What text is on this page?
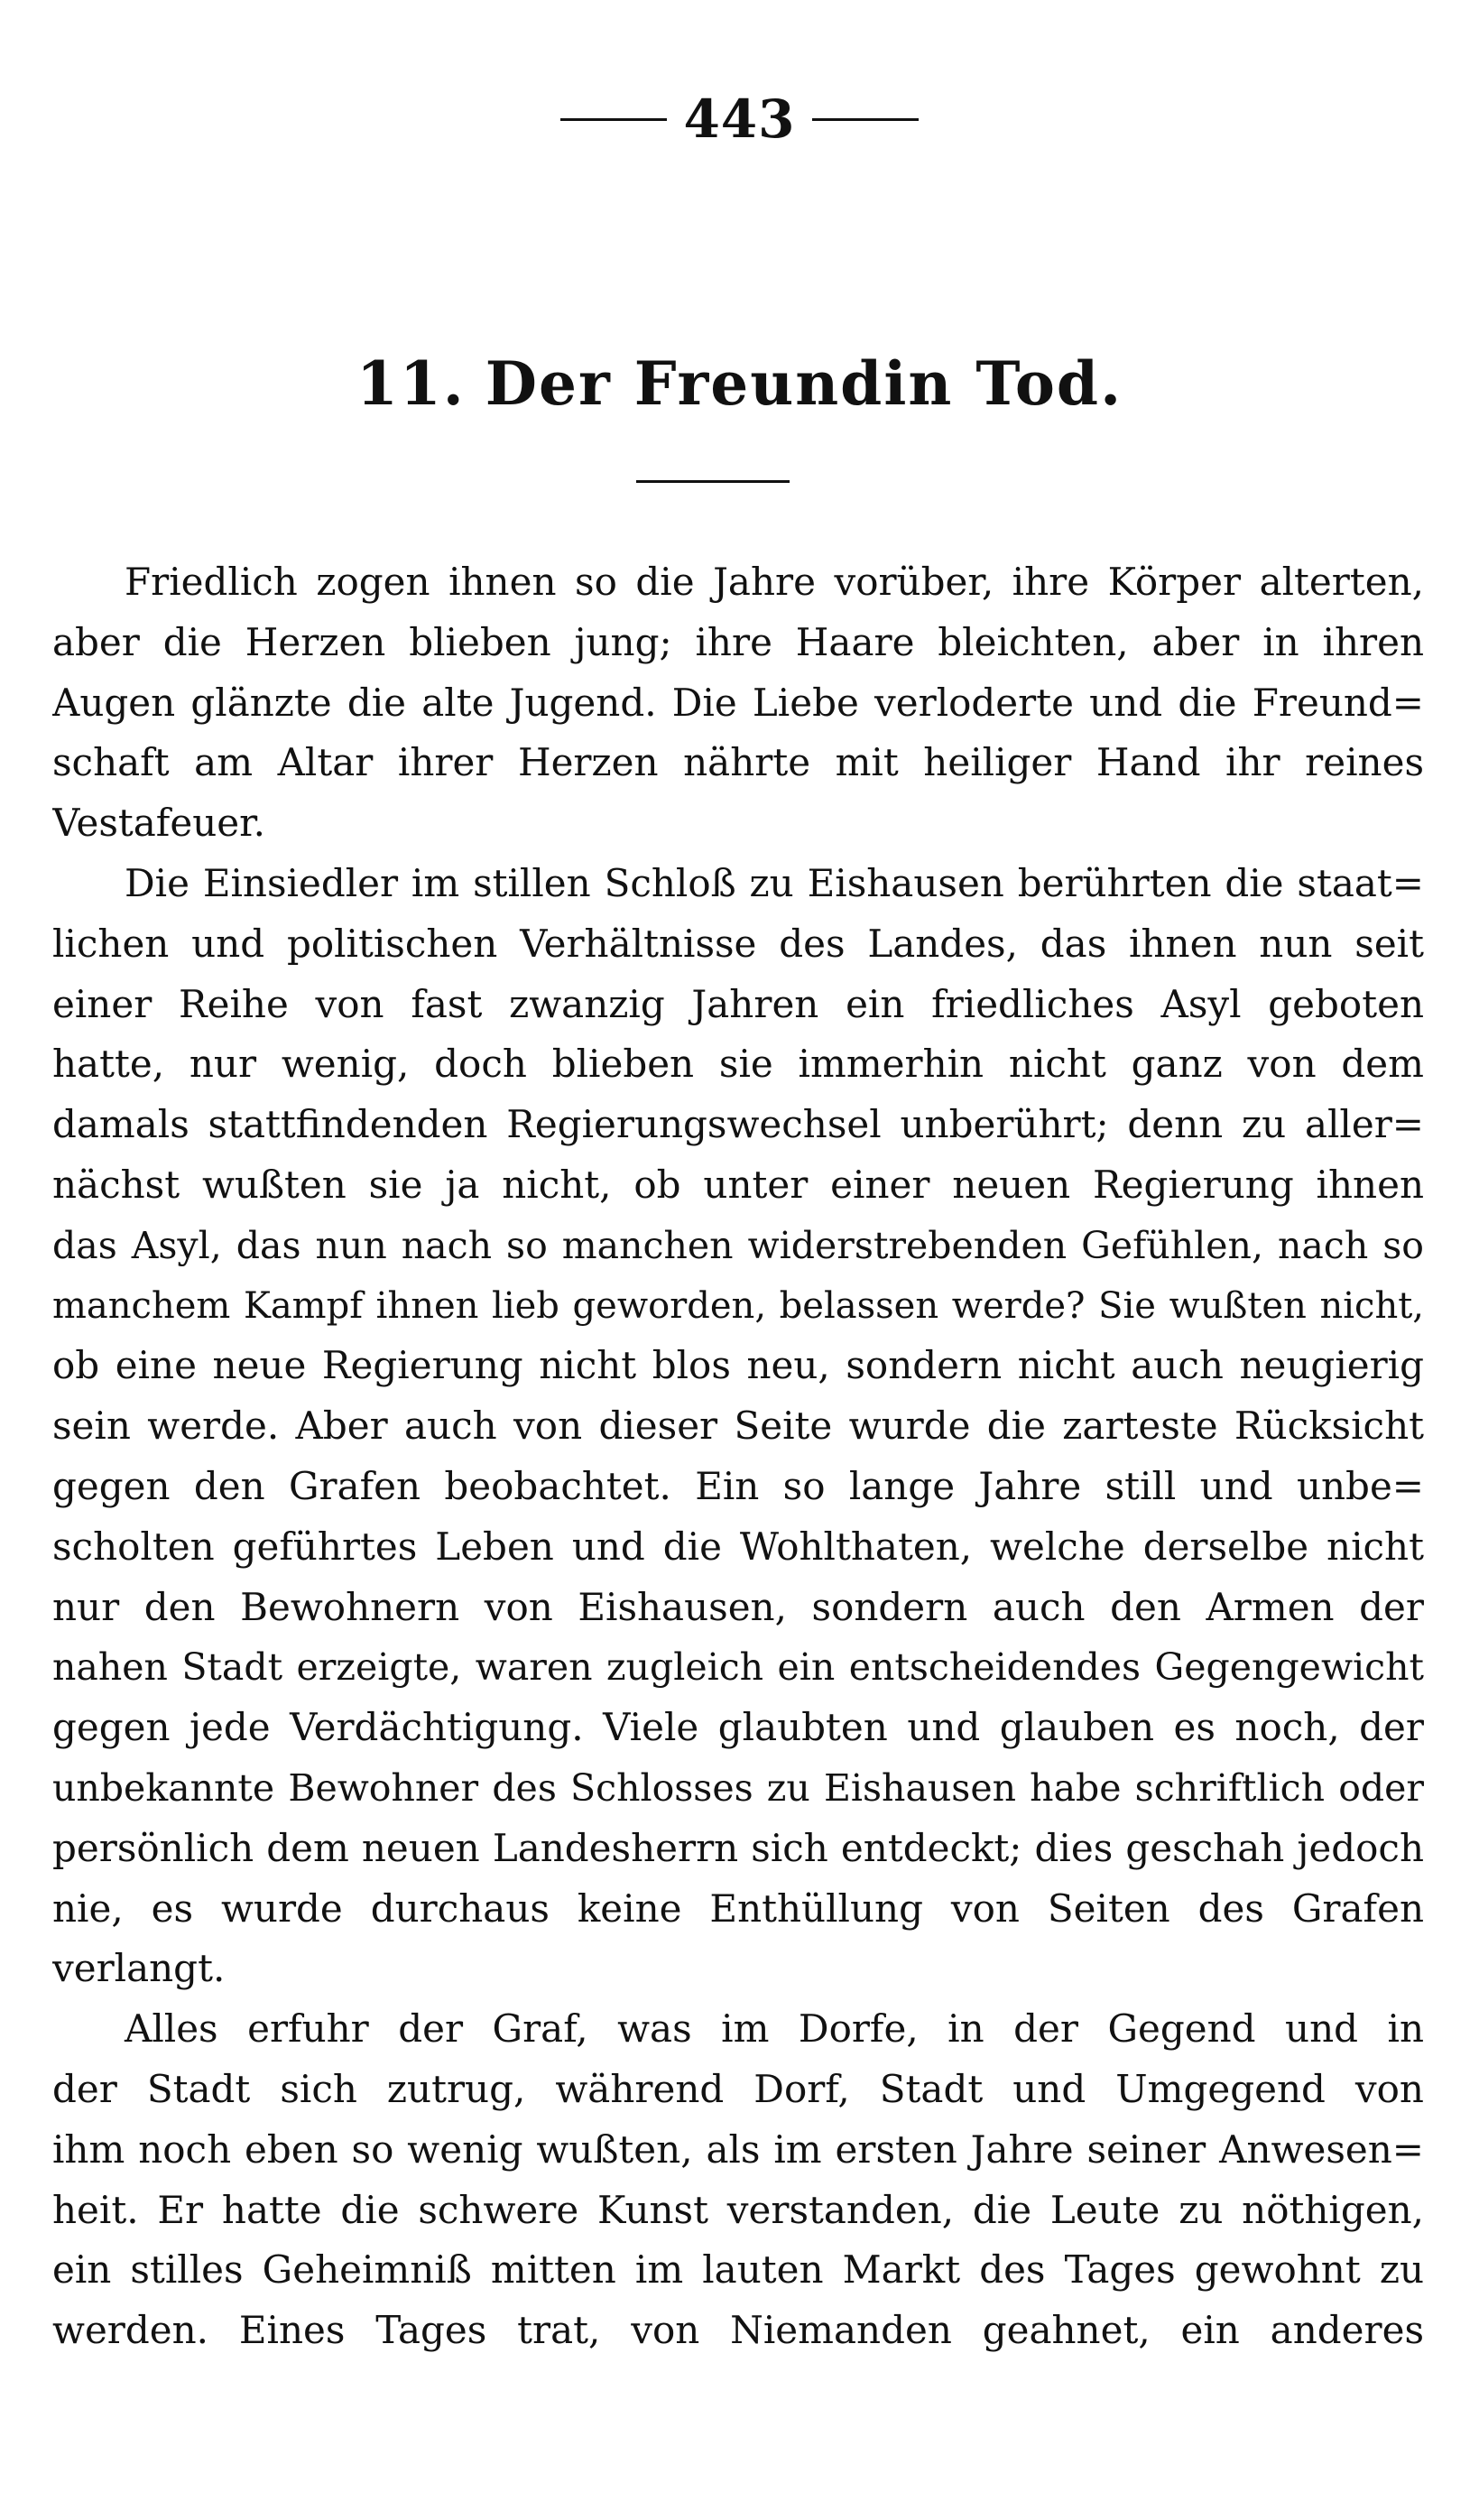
443
11. Der Freundin Tod.
Friedlich zogen ihnen so die Jahre vorüber, ihre Körper alterten,
aber die Herzen blieben jung; ihre Haare bleichten, aber in ihren
Augen glänzte die alte Jugend. Die Liebe verloderte und die Freund=
schaft am Altar ihrer Herzen nährte mit heiliger Hand ihr reines
Vestafeuer.
Die Einsiedler im stillen Schloß zu Eishausen berührten die staat=
lichen und politischen Verhältnisse des Landes, das ihnen nun seit
einer Reihe von fast zwanzig Jahren ein friedliches Asyl geboten
hatte, nur wenig, doch blieben sie immerhin nicht ganz von dem
damals stattfindenden Regierungswechsel unberührt; denn zu aller=
nächst wußten sie ja nicht, ob unter einer neuen Regierung ihnen
das Asyl, das nun nach so manchen widerstrebenden Gefühlen, nach so
manchem Kampf ihnen lieb geworden, belassen werde? Sie wußten nicht,
ob eine neue Regierung nicht blos neu, sondern nicht auch neugierig
sein werde. Aber auch von dieser Seite wurde die zarteste Rücksicht
gegen den Grafen beobachtet. Ein so lange Jahre still und unbe=
scholten geführtes Leben und die Wohlthaten, welche derselbe nicht
nur den Bewohnern von Eishausen, sondern auch den Armen der
nahen Stadt erzeigte, waren zugleich ein entscheidendes Gegengewicht
gegen jede Verdächtigung. Viele glaubten und glauben es noch, der
unbekannte Bewohner des Schlosses zu Eishausen habe schriftlich oder
persönlich dem neuen Landesherrn sich entdeckt; dies geschah jedoch
nie, es wurde durchaus keine Enthüllung von Seiten des Grafen
verlangt.
Alles erfuhr der Graf, was im Dorfe, in der Gegend und in
der Stadt sich zutrug, während Dorf, Stadt und Umgegend von
ihm noch eben so wenig wußten, als im ersten Jahre seiner Anwesen=
heit. Er hatte die schwere Kunst verstanden, die Leute zu nöthigen,
ein stilles Geheimniß mitten im lauten Markt des Tages gewohnt zu
werden. Eines Tages trat, von Niemanden geahnet, ein anderes
